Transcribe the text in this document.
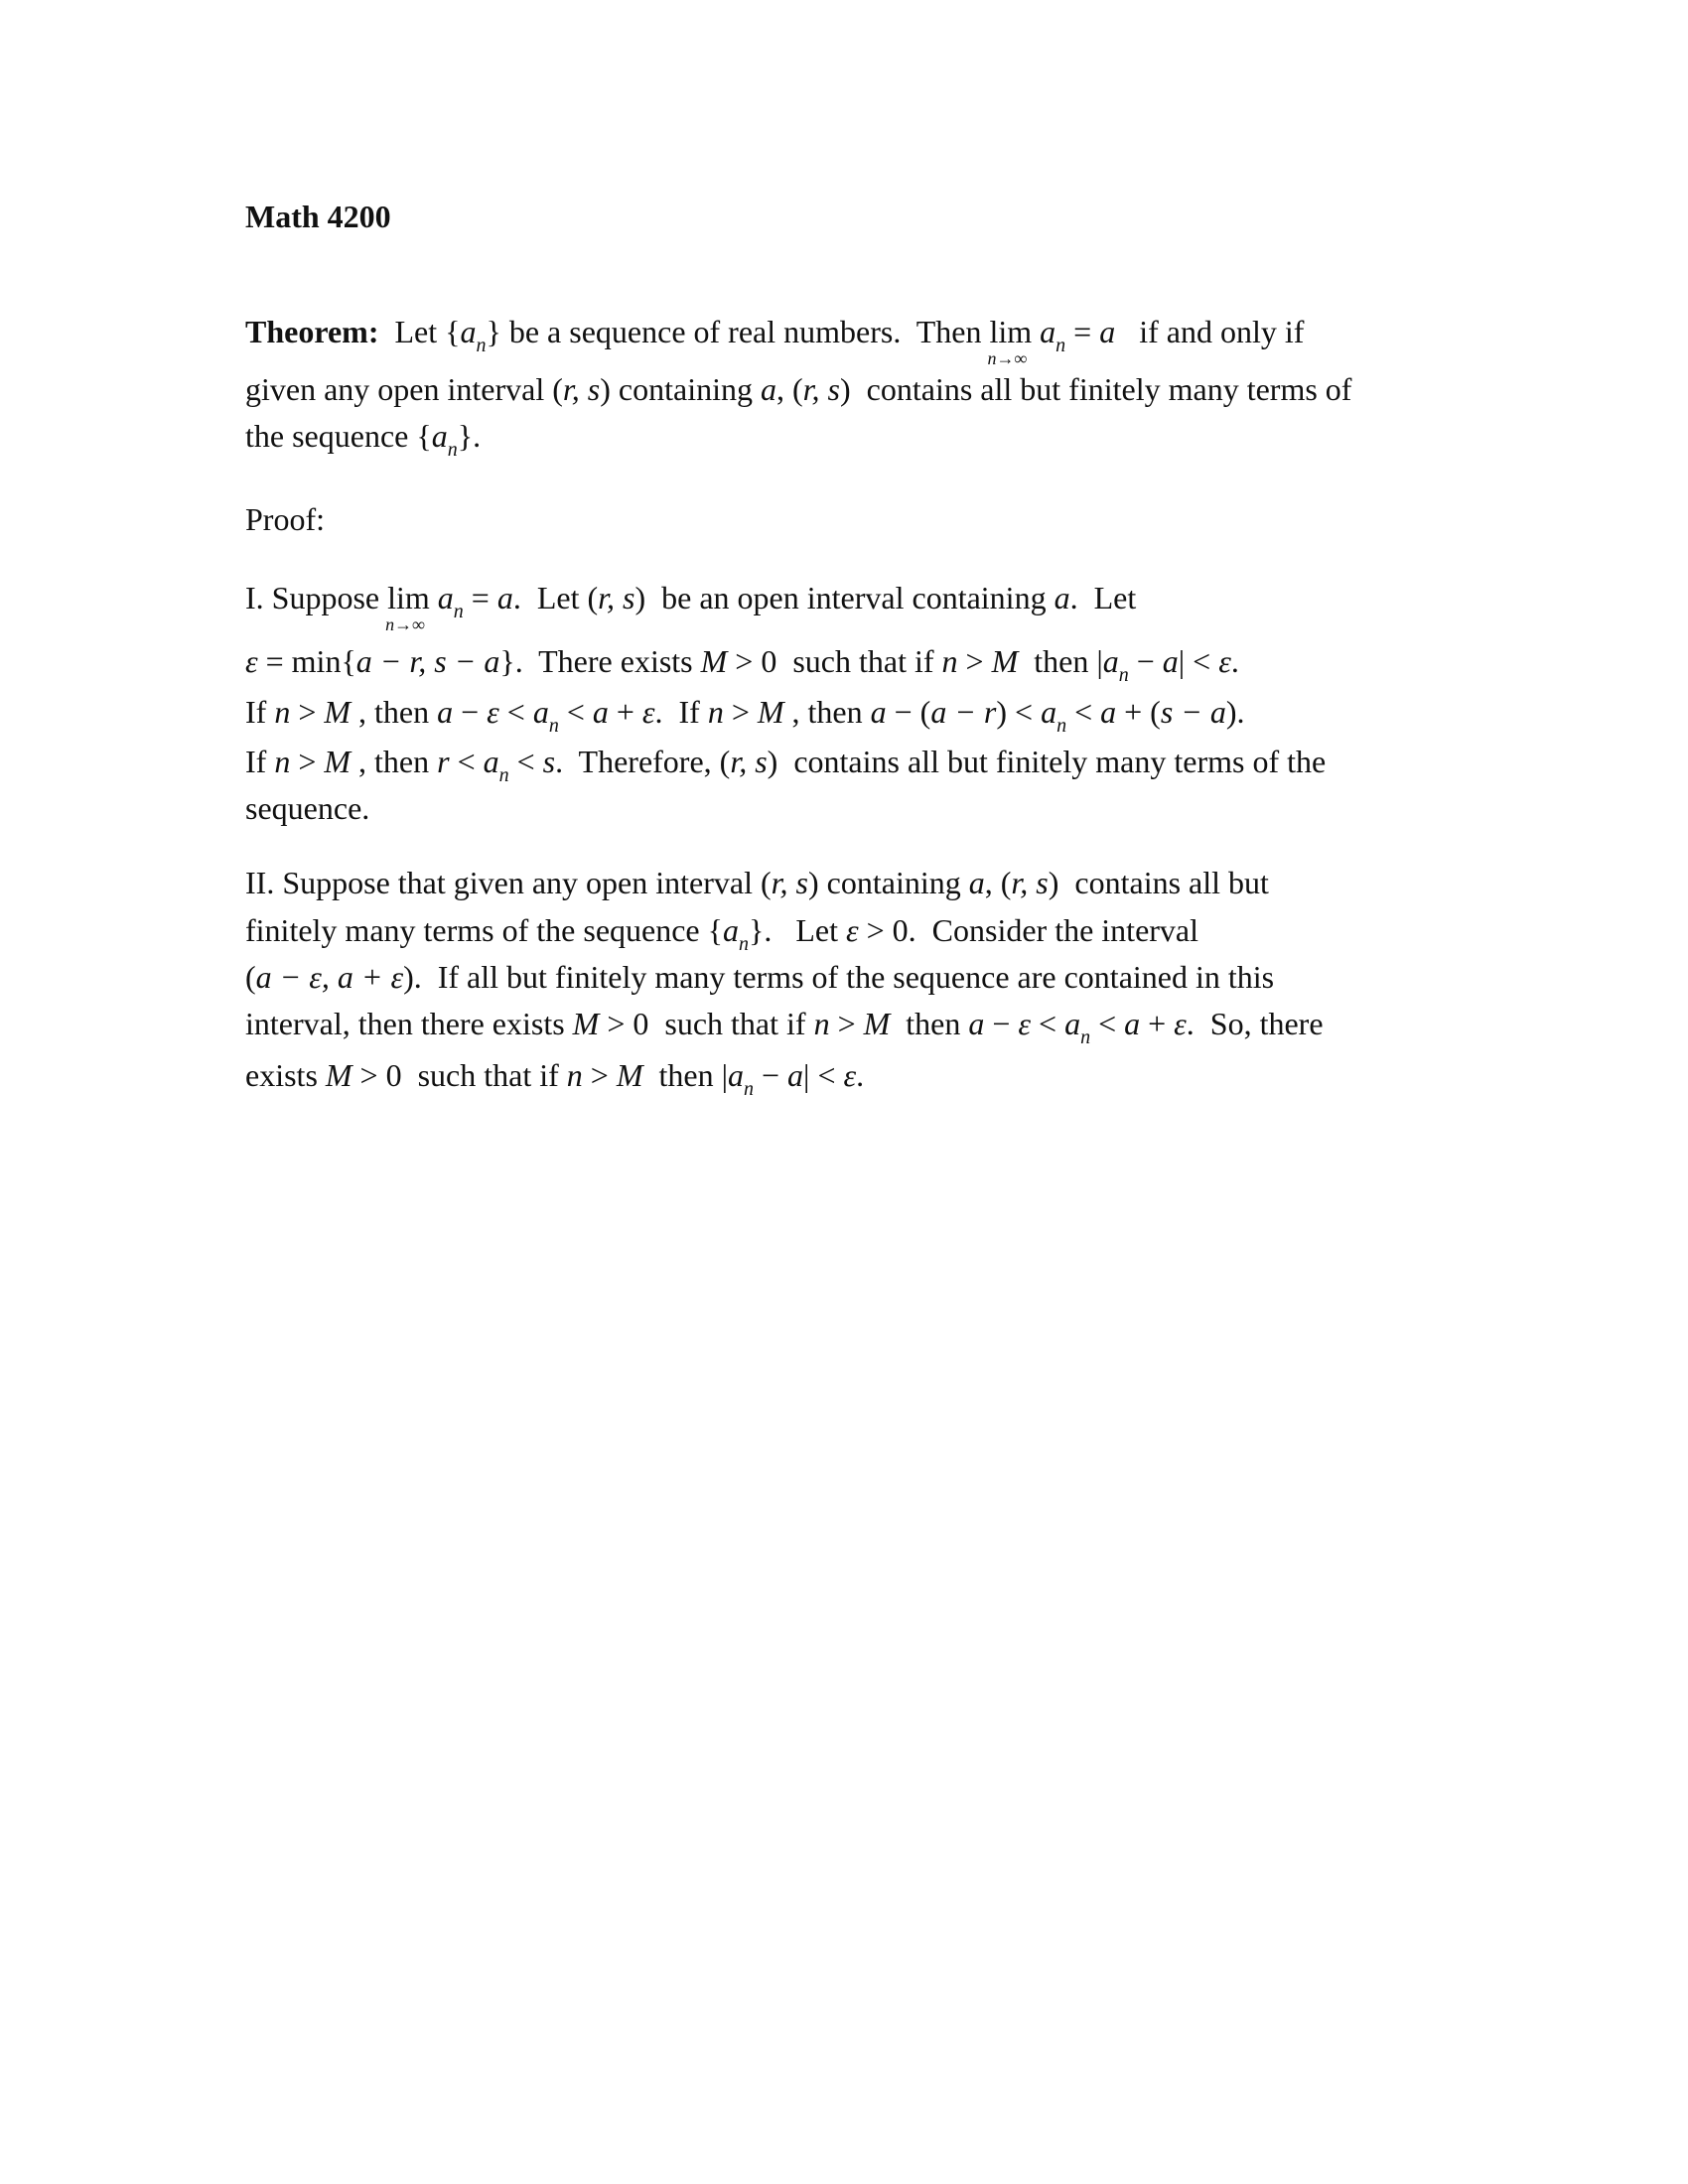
Math 4200
Theorem:  Let $\{a_n\}$ be a sequence of real numbers.  Then lim
n→∞
$a_n = a$   if and only if
given any open interval (r, s) containing a, (r, s)  contains all but finitely many terms of
the sequence $\{a_n\}$.
Proof:
I. Suppose lim
n→∞
$a_n = a$.  Let (r, s)  be an open interval containing a.  Let
ε = min{a − r, s − a}.  There exists M > 0  such that if n > M  then $|a_n - a| < \varepsilon$.
If n > M , then $a - \varepsilon < a_n < a + \varepsilon$.  If n > M , then $a - (a - r) < a_n < a + (s - a)$.
If n > M , then $r < a_n < s$.  Therefore, (r, s)  contains all but finitely many terms of the
sequence.
II. Suppose that given any open interval (r, s) containing a, (r, s)  contains all but
finitely many terms of the sequence $\{a_n\}$.   Let ε > 0.  Consider the interval
(a − ε, a + ε).  If all but finitely many terms of the sequence are contained in this
interval, then there exists M > 0  such that if n > M  then $a - \varepsilon < a_n < a + \varepsilon$.  So, there
exists M > 0  such that if n > M  then $|a_n - a| < \varepsilon$.
